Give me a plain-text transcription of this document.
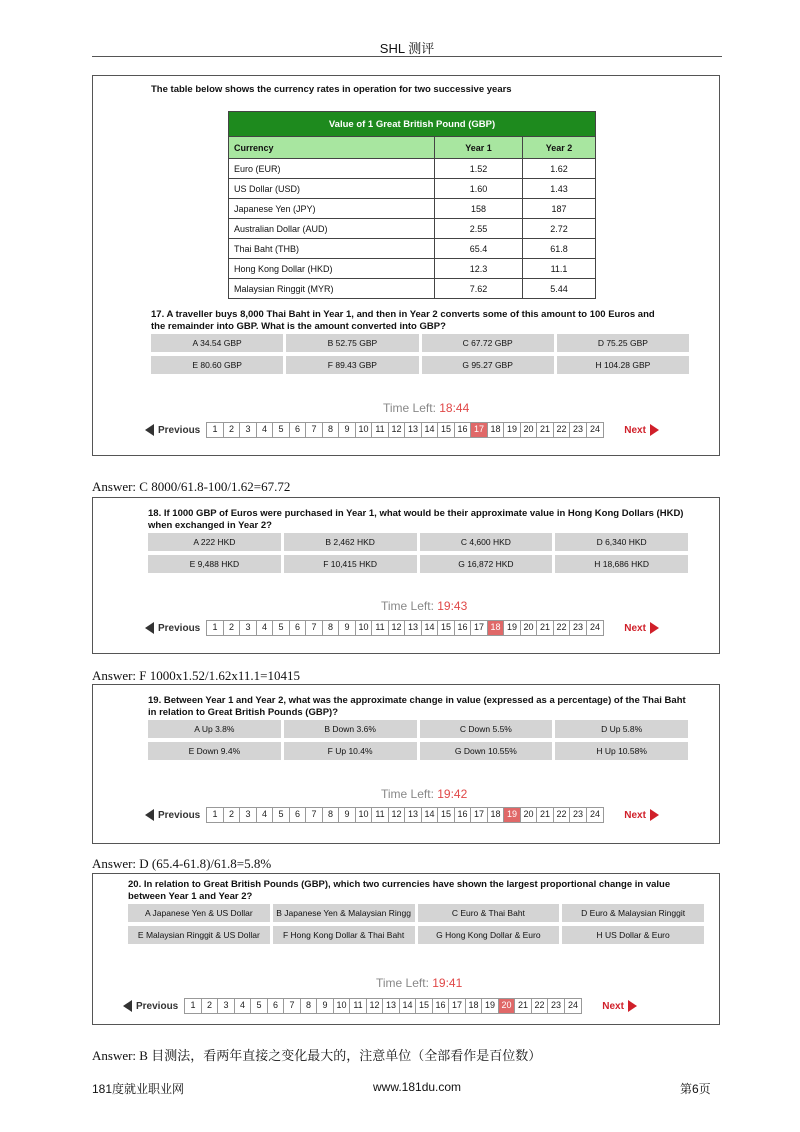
SHL 测评
The table below shows the currency rates in operation for two successive years
Value of 1 Great British Pound (GBP)		
Currency	Year 1	Year 2
Euro (EUR)	1.52	1.62
US Dollar (USD)	1.60	1.43
Japanese Yen (JPY)	158	187
Australian Dollar (AUD)	2.55	2.72
Thai Baht (THB)	65.4	61.8
Hong Kong Dollar (HKD)	12.3	11.1
Malaysian Ringgit (MYR)	7.62	5.44
17. A traveller buys 8,000 Thai Baht in Year 1, and then in Year 2 converts some of this amount to 100 Euros and the remainder into GBP. What is the amount converted into GBP?
A 34.54 GBP	B 52.75 GBP	C 67.72 GBP	D 75.25 GBP
E 80.60 GBP	F 89.43 GBP	G 95.27 GBP	H 104.28 GBP
Time Left: 18:44
Previous	1	2	3	4	5	6	7	8	9 10 11 12 13 14 15 16 17 18 19 20 21 22 23 24	Next
Answer: C 8000/61.8-100/1.62=67.72
18. If 1000 GBP of Euros were purchased in Year 1, what would be their approximate value in Hong Kong Dollars (HKD) when exchanged in Year 2?
A 222 HKD	B 2,462 HKD	C 4,600 HKD	D 6,340 HKD
E 9,488 HKD	F 10,415 HKD	G 16,872 HKD	H 18,686 HKD
Time Left: 19:43
Previous	1	2	3	4	5	6	7	8	9 10 11 12 13 14 15 16 17 18 19 20 21 22 23 24	Next
Answer: F 1000x1.52/1.62x11.1=10415
19. Between Year 1 and Year 2, what was the approximate change in value (expressed as a percentage) of the Thai Baht in relation to Great British Pounds (GBP)?
A Up 3.8%	B Down 3.6%	C Down 5.5%	D Up 5.8%
E Down 9.4%	F Up 10.4%	G Down 10.55%	H Up 10.58%
Time Left: 19:42
Previous	1	2	3	4	5	6	7	8	9 10 11 12 13 14 15 16 17 18 19 20 21 22 23 24	Next
Answer: D (65.4-61.8)/61.8=5.8%
20. In relation to Great British Pounds (GBP), which two currencies have shown the largest proportional change in value between Year 1 and Year 2?
A Japanese Yen & US Dollar	B Japanese Yen & Malaysian Ringg	C Euro & Thai Baht	D Euro & Malaysian Ringgit
E Malaysian Ringgit & US Dollar	F Hong Kong Dollar & Thai Baht	G Hong Kong Dollar & Euro	H US Dollar & Euro
Time Left: 19:41
Previous	1	2	3	4	5	6	7	8	9 10 11 12 13 14 15 16 17 18 19 20 21 22 23 24	Next
Answer: B 目测法，看两年直接之变化最大的，注意单位（全部看作是百位数）
181度就业职业网	www.181du.com	第6页
